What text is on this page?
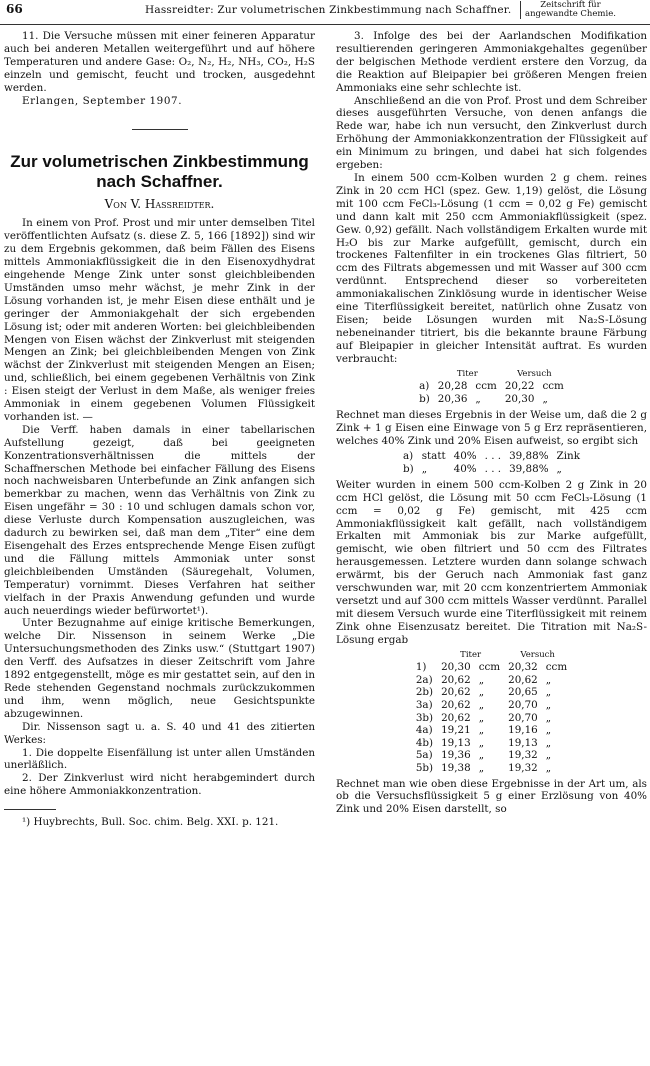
66	Hassreidter: Zur volumetrischen Zinkbestimmung nach Schaffner.	Zeitschrift für
angewandte Chemie.

11. Die Versuche müssen mit einer feineren Apparatur auch bei anderen Metallen weitergeführt und auf höhere Temperaturen und andere Gase: O₂, N₂, H₂, NH₃, CO₂, H₂S einzeln und gemischt, feucht und trocken, ausgedehnt werden.

Erlangen, September 1907.

Zur volumetrischen Zinkbestimmung nach Schaffner.
Von V. Hassreidter.

In einem von Prof. Prost und mir unter demselben Titel veröffentlichten Aufsatz (s. diese Z. 5, 166 [1892]) sind wir zu dem Ergebnis gekommen, daß beim Fällen des Eisens mittels Ammoniakflüssigkeit die in den Eisenoxydhydrat eingehende Menge Zink unter sonst gleichbleibenden Umständen umso mehr wächst, je mehr Zink in der Lösung vorhanden ist, je mehr Eisen diese enthält und je geringer der Ammoniakgehalt der sich ergebenden Lösung ist; oder mit anderen Worten: bei gleichbleibenden Mengen von Eisen wächst der Zinkverlust mit steigenden Mengen an Zink; bei gleichbleibenden Mengen von Zink wächst der Zinkverlust mit steigenden Mengen an Eisen; und, schließlich, bei einem gegebenen Verhältnis von Zink : Eisen steigt der Verlust in dem Maße, als weniger freies Ammoniak in einem gegebenen Volumen Flüssigkeit vorhanden ist. —

Die Verff. haben damals in einer tabellarischen Aufstellung gezeigt, daß bei geeigneten Konzentrationsverhältnissen die mittels der Schaffnerschen Methode bei einfacher Fällung des Eisens noch nachweisbaren Unterbefunde an Zink anfangen sich bemerkbar zu machen, wenn das Verhältnis von Zink zu Eisen ungefähr = 30 : 10 und schlugen damals schon vor, diese Verluste durch Kompensation auszugleichen, was dadurch zu bewirken sei, daß man dem „Titer“ eine dem Eisengehalt des Erzes entsprechende Menge Eisen zufügt und die Fällung mittels Ammoniak unter sonst gleichbleibenden Umständen (Säuregehalt, Volumen, Temperatur) vornimmt. Dieses Verfahren hat seither vielfach in der Praxis Anwendung gefunden und wurde auch neuerdings wieder befürwortet¹).

Unter Bezugnahme auf einige kritische Bemerkungen, welche Dir. Nissenson in seinem Werke „Die Untersuchungsmethoden des Zinks usw.“ (Stuttgart 1907) den Verff. des Aufsatzes in dieser Zeitschrift vom Jahre 1892 entgegenstellt, möge es mir gestattet sein, auf den in Rede stehenden Gegenstand nochmals zurückzukommen und ihm, wenn möglich, neue Gesichtspunkte abzugewinnen.

Dir. Nissenson sagt u. a. S. 40 und 41 des zitierten Werkes:

1. Die doppelte Eisenfällung ist unter allen Umständen unerläßlich.

2. Der Zinkverlust wird nicht herabgemindert durch eine höhere Ammoniakkonzentration.

¹) Huybrechts, Bull. Soc. chim. Belg. XXI. p. 121.

3. Infolge des bei der Aarlandschen Modifikation resultierenden geringeren Ammoniakgehaltes gegenüber der belgischen Methode verdient erstere den Vorzug, da die Reaktion auf Bleipapier bei größeren Mengen freien Ammoniaks eine sehr schlechte ist.

Anschließend an die von Prof. Prost und dem Schreiber dieses ausgeführten Versuche, von denen anfangs die Rede war, habe ich nun versucht, den Zinkverlust durch Erhöhung der Ammoniakkonzentration der Flüssigkeit auf ein Minimum zu bringen, und dabei hat sich folgendes ergeben:

In einem 500 ccm-Kolben wurden 2 g chem. reines Zink in 20 ccm HCl (spez. Gew. 1,19) gelöst, die Lösung mit 100 ccm FeCl₃-Lösung (1 ccm = 0,02 g Fe) gemischt und dann kalt mit 250 ccm Ammoniakflüssigkeit (spez. Gew. 0,92) gefällt. Nach vollständigem Erkalten wurde mit H₂O bis zur Marke aufgefüllt, gemischt, durch ein trockenes Faltenfilter in ein trockenes Glas filtriert, 50 ccm des Filtrats abgemessen und mit Wasser auf 300 ccm verdünnt. Entsprechend dieser so vorbereiteten ammoniakalischen Zinklösung wurde in identischer Weise eine Titerflüssigkeit bereitet, natürlich ohne Zusatz von Eisen; beide Lösungen wurden mit Na₂S-Lösung nebeneinander titriert, bis die bekannte braune Färbung auf Bleipapier in gleicher Intensität auftrat. Es wurden verbraucht:

	Titer		Versuch	
a)	20,28	ccm	20,22	ccm
b)	20,36	„	20,30	„

Rechnet man dieses Ergebnis in der Weise um, daß die 2 g Zink + 1 g Eisen eine Einwage von 5 g Erz repräsentieren, welches 40% Zink und 20% Eisen aufweist, so ergibt sich

a)	statt	40%	. . .	39,88%	Zink
b)	„	40%	. . .	39,88%	„

Weiter wurden in einem 500 ccm-Kolben 2 g Zink in 20 ccm HCl gelöst, die Lösung mit 50 ccm FeCl₃-Lösung (1 ccm = 0,02 g Fe) gemischt, mit 425 ccm Ammoniakflüssigkeit kalt gefällt, nach vollständigem Erkalten mit Ammoniak bis zur Marke aufgefüllt, gemischt, wie oben filtriert und 50 ccm des Filtrates herausgemessen. Letztere wurden dann solange schwach erwärmt, bis der Geruch nach Ammoniak fast ganz verschwunden war, mit 20 ccm konzentriertem Ammoniak versetzt und auf 300 ccm mittels Wasser verdünnt. Parallel mit diesem Versuch wurde eine Titerflüssigkeit mit reinem Zink ohne Eisenzusatz bereitet. Die Titration mit Na₂S-Lösung ergab

	Titer		Versuch	
1)	20,30	ccm	20,32	ccm
2a)	20,62	„	20,62	„
2b)	20,62	„	20,65	„
3a)	20,62	„	20,70	„
3b)	20,62	„	20,70	„
4a)	19,21	„	19,16	„
4b)	19,13	„	19,13	„
5a)	19,36	„	19,32	„
5b)	19,38	„	19,32	„

Rechnet man wie oben diese Ergebnisse in der Art um, als ob die Versuchsflüssigkeit 5 g einer Erzlösung von 40% Zink und 20% Eisen darstellt, so
